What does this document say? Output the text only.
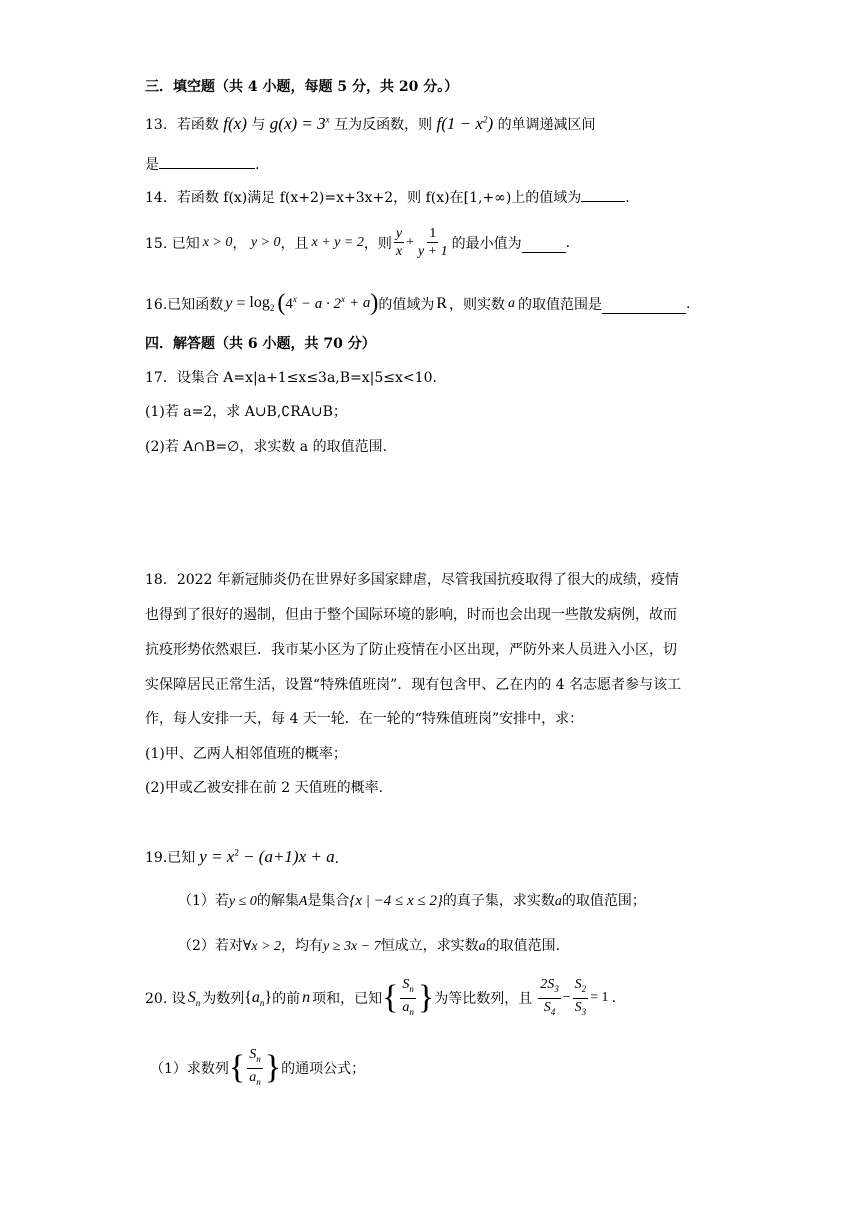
三．填空题（共 4 小题，每题 5 分，共 20 分。）
13．若函数 f(x) 与 $g(x) = 3^x$ 互为反函数，则 $f(1 - x^2)$ 的单调递减区间
是	.
14．若函数 f(x)满足 f(x+2)=x+3x+2，则 f(x)在[1,+∞)上的值域为	.
15. 已知 x > 0 ， y > 0 ，且 x + y = 2 ，则 $\frac{y}{x} + \frac{1}{y + 1}$ 的最小值为	.
16.已知函数 $y = \log_2$ ( $4^x - a \cdot 2^x + a$ ) 的值域为 R ，则实数 a 的取值范围是	.
四．解答题（共 6 小题，共 70 分）
17．设集合 A=x|a+1≤x≤3a,B=x|5≤x<10.
(1)若 a=2，求 A∪B,∁RA∪B；
(2)若 A∩B=∅，求实数 a 的取值范围.
18．2022 年新冠肺炎仍在世界好多国家肆虐，尽管我国抗疫取得了很大的成绩，疫情
也得到了很好的遏制，但由于整个国际环境的影响，时而也会出现一些散发病例，故而
抗疫形势依然艰巨．我市某小区为了防止疫情在小区出现，严防外来人员进入小区，切
实保障居民正常生活，设置“特殊值班岗”．现有包含甲、乙在内的 4 名志愿者参与该工
作，每人安排一天，每 4 天一轮．在一轮的“特殊值班岗”安排中，求：
(1)甲、乙两人相邻值班的概率；
(2)甲或乙被安排在前 2 天值班的概率.
19.已知 $y = x^2 - (a+1)x + a$ .
（1）若y ≤ 0的解集A是集合{x | −4 ≤ x ≤ 2}的真子集，求实数a的取值范围；
（2）若对∀x > 2，均有y ≥ 3x − 7恒成立，求实数a的取值范围.
20. 设 $S_n$ 为数列 $\{a_n\}$ 的前 n 项和，已知 { $\frac{S_n}{a_n}$ } 为等比数列，且 $\frac{2S_3}{S_4} - \frac{S_2}{S_3} = 1$ .
（1）求数列 { $\frac{S_n}{a_n}$ } 的通项公式；
